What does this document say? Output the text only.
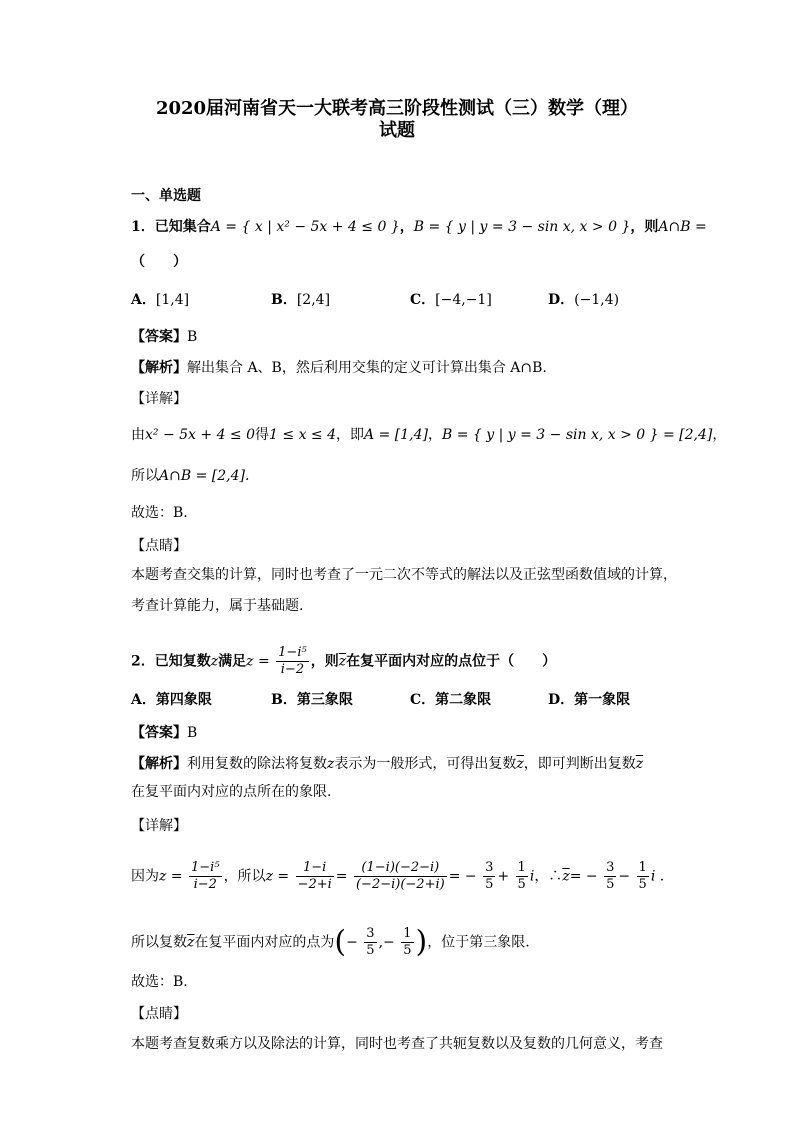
2020届河南省天一大联考高三阶段性测试（三）数学（理）
试题
一、单选题
1．已知集合A = { x | x² − 5x + 4 ≤ 0 }，B = { y | y = 3 − sin x, x > 0 }，则A∩B =
（　　）
A．[1,4]	B．[2,4]	C．[−4,−1]	D．(−1,4)
【答案】B
【解析】解出集合 A、B，然后利用交集的定义可计算出集合 A∩B.
【详解】
由x² − 5x + 4 ≤ 0得1 ≤ x ≤ 4，即A = [1,4]，B = { y | y = 3 − sin x, x > 0 } = [2,4]，
所以A∩B = [2,4].
故选：B.
【点睛】
本题考查交集的计算，同时也考查了一元二次不等式的解法以及正弦型函数值域的计算，
考查计算能力，属于基础题.
2．已知复数z满足$z = \frac{\text{1−i⁵}}{i-2}$ ，则$\overline{z}$在复平面内对应的点位于（　　）
A．第四象限	B．第三象限	C．第二象限	D．第一象限
【答案】B
【解析】利用复数的除法将复数z表示为一般形式，可得出复数$\overline{z}$，即可判断出复数$\overline{z}$
在复平面内对应的点所在的象限.
【详解】
因为$z = \frac{\text{1−i⁵}}{i-2}$ ，所以$z = \frac{1-i}{-2+i} = \frac{(1-i)(-2-i)}{(-2-i)(-2+i)}$ = − $\frac{3}{5} + \frac{1}{5}$ i，$\therefore\overline{z}= - \frac{3}{5} - \frac{1}{5}$ i .
所以复数$\overline{z}$在复平面内对应的点为(− $\frac{3}{5}$ ,− $\frac{1}{5}$ )，位于第三象限.
故选：B.
【点睛】
本题考查复数乘方以及除法的计算，同时也考查了共轭复数以及复数的几何意义，考查
